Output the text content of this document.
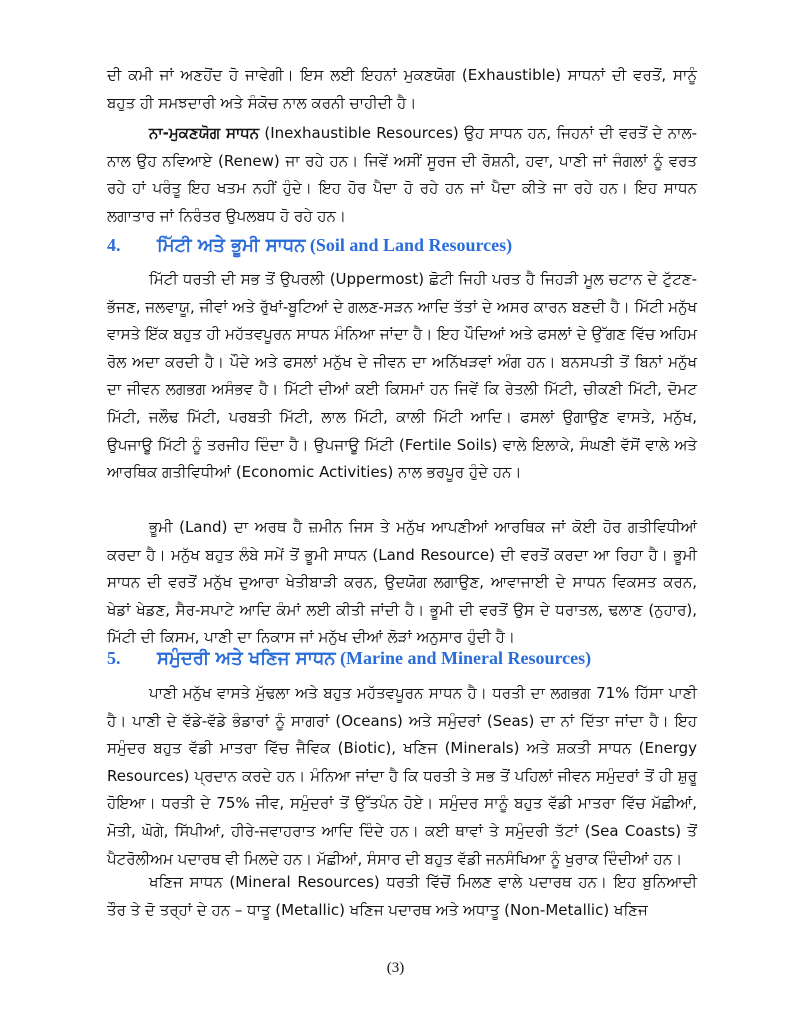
ਦੀ ਕਮੀ ਜਾਂ ਅਣਹੋਂਦ ਹੋ ਜਾਵੇਗੀ। ਇਸ ਲਈ ਇਹਨਾਂ ਮੁਕਣਯੋਗ (Exhaustible) ਸਾਧਨਾਂ ਦੀ ਵਰਤੋਂ, ਸਾਨੂੰ ਬਹੁਤ ਹੀ ਸਮਝਦਾਰੀ ਅਤੇ ਸੰਕੋਚ ਨਾਲ ਕਰਨੀ ਚਾਹੀਦੀ ਹੈ।

ਨਾ-ਮੁਕਣਯੋਗ ਸਾਧਨ (Inexhaustible Resources) ਉਹ ਸਾਧਨ ਹਨ, ਜਿਹਨਾਂ ਦੀ ਵਰਤੋਂ ਦੇ ਨਾਲ-ਨਾਲ ਉਹ ਨਵਿਆਏ (Renew) ਜਾ ਰਹੇ ਹਨ। ਜਿਵੇਂ ਅਸੀਂ ਸੂਰਜ ਦੀ ਰੋਸ਼ਨੀ, ਹਵਾ, ਪਾਣੀ ਜਾਂ ਜੰਗਲਾਂ ਨੂੰ ਵਰਤ ਰਹੇ ਹਾਂ ਪਰੰਤੂ ਇਹ ਖਤਮ ਨਹੀਂ ਹੁੰਦੇ। ਇਹ ਹੋਰ ਪੈਦਾ ਹੋ ਰਹੇ ਹਨ ਜਾਂ ਪੈਦਾ ਕੀਤੇ ਜਾ ਰਹੇ ਹਨ। ਇਹ ਸਾਧਨ ਲਗਾਤਾਰ ਜਾਂ ਨਿਰੰਤਰ ਉਪਲਬਧ ਹੋ ਰਹੇ ਹਨ।

4. ਮਿੱਟੀ ਅਤੇ ਭੂਮੀ ਸਾਧਨ (Soil and Land Resources)

ਮਿੱਟੀ ਧਰਤੀ ਦੀ ਸਭ ਤੋਂ ਉਪਰਲੀ (Uppermost) ਛੋਟੀ ਜਿਹੀ ਪਰਤ ਹੈ ਜਿਹੜੀ ਮੂਲ ਚਟਾਨ ਦੇ ਟੁੱਟਣ-ਭੱਜਣ, ਜਲਵਾਯੂ, ਜੀਵਾਂ ਅਤੇ ਰੁੱਖਾਂ-ਬੂਟਿਆਂ ਦੇ ਗਲਣ-ਸੜਨ ਆਦਿ ਤੱਤਾਂ ਦੇ ਅਸਰ ਕਾਰਨ ਬਣਦੀ ਹੈ। ਮਿੱਟੀ ਮਨੁੱਖ ਵਾਸਤੇ ਇੱਕ ਬਹੁਤ ਹੀ ਮਹੱਤਵਪੂਰਨ ਸਾਧਨ ਮੰਨਿਆ ਜਾਂਦਾ ਹੈ। ਇਹ ਪੌਦਿਆਂ ਅਤੇ ਫਸਲਾਂ ਦੇ ਉੱਗਣ ਵਿੱਚ ਅਹਿਮ ਰੋਲ ਅਦਾ ਕਰਦੀ ਹੈ। ਪੌਦੇ ਅਤੇ ਫਸਲਾਂ ਮਨੁੱਖ ਦੇ ਜੀਵਨ ਦਾ ਅਨਿੱਖੜਵਾਂ ਅੰਗ ਹਨ। ਬਨਸਪਤੀ ਤੋਂ ਬਿਨਾਂ ਮਨੁੱਖ ਦਾ ਜੀਵਨ ਲਗਭਗ ਅਸੰਭਵ ਹੈ। ਮਿੱਟੀ ਦੀਆਂ ਕਈ ਕਿਸਮਾਂ ਹਨ ਜਿਵੇਂ ਕਿ ਰੇਤਲੀ ਮਿੱਟੀ, ਚੀਕਣੀ ਮਿੱਟੀ, ਦੋਮਟ ਮਿੱਟੀ, ਜਲੌਢ ਮਿੱਟੀ, ਪਰਬਤੀ ਮਿੱਟੀ, ਲਾਲ ਮਿੱਟੀ, ਕਾਲੀ ਮਿੱਟੀ ਆਦਿ। ਫਸਲਾਂ ਉਗਾਉਣ ਵਾਸਤੇ, ਮਨੁੱਖ, ਉਪਜਾਊ ਮਿੱਟੀ ਨੂੰ ਤਰਜੀਹ ਦਿੰਦਾ ਹੈ। ਉਪਜਾਊ ਮਿੱਟੀ (Fertile Soils) ਵਾਲੇ ਇਲਾਕੇ, ਸੰਘਣੀ ਵੱਸੋਂ ਵਾਲੇ ਅਤੇ ਆਰਥਿਕ ਗਤੀਵਿਧੀਆਂ (Economic Activities) ਨਾਲ ਭਰਪੂਰ ਹੁੰਦੇ ਹਨ।

ਭੂਮੀ (Land) ਦਾ ਅਰਥ ਹੈ ਜ਼ਮੀਨ ਜਿਸ ਤੇ ਮਨੁੱਖ ਆਪਣੀਆਂ ਆਰਥਿਕ ਜਾਂ ਕੋਈ ਹੋਰ ਗਤੀਵਿਧੀਆਂ ਕਰਦਾ ਹੈ। ਮਨੁੱਖ ਬਹੁਤ ਲੰਬੇ ਸਮੇਂ ਤੋਂ ਭੂਮੀ ਸਾਧਨ (Land Resource) ਦੀ ਵਰਤੋਂ ਕਰਦਾ ਆ ਰਿਹਾ ਹੈ। ਭੂਮੀ ਸਾਧਨ ਦੀ ਵਰਤੋਂ ਮਨੁੱਖ ਦੁਆਰਾ ਖੇਤੀਬਾੜੀ ਕਰਨ, ਉਦਯੋਗ ਲਗਾਉਣ, ਆਵਾਜਾਈ ਦੇ ਸਾਧਨ ਵਿਕਸਤ ਕਰਨ, ਖੇਡਾਂ ਖੇਡਣ, ਸੈਰ-ਸਪਾਟੇ ਆਦਿ ਕੰਮਾਂ ਲਈ ਕੀਤੀ ਜਾਂਦੀ ਹੈ। ਭੂਮੀ ਦੀ ਵਰਤੋਂ ਉਸ ਦੇ ਧਰਾਤਲ, ਢਲਾਣ (ਨੁਹਾਰ), ਮਿੱਟੀ ਦੀ ਕਿਸਮ, ਪਾਣੀ ਦਾ ਨਿਕਾਸ ਜਾਂ ਮਨੁੱਖ ਦੀਆਂ ਲੋੜਾਂ ਅਨੁਸਾਰ ਹੁੰਦੀ ਹੈ।

5. ਸਮੁੰਦਰੀ ਅਤੇ ਖਣਿਜ ਸਾਧਨ (Marine and Mineral Resources)

ਪਾਣੀ ਮਨੁੱਖ ਵਾਸਤੇ ਮੁੱਢਲਾ ਅਤੇ ਬਹੁਤ ਮਹੱਤਵਪੂਰਨ ਸਾਧਨ ਹੈ। ਧਰਤੀ ਦਾ ਲਗਭਗ 71% ਹਿੱਸਾ ਪਾਣੀ ਹੈ। ਪਾਣੀ ਦੇ ਵੱਡੇ-ਵੱਡੇ ਭੰਡਾਰਾਂ ਨੂੰ ਸਾਗਰਾਂ (Oceans) ਅਤੇ ਸਮੁੰਦਰਾਂ (Seas) ਦਾ ਨਾਂ ਦਿੱਤਾ ਜਾਂਦਾ ਹੈ। ਇਹ ਸਮੁੰਦਰ ਬਹੁਤ ਵੱਡੀ ਮਾਤਰਾ ਵਿੱਚ ਜੈਵਿਕ (Biotic), ਖਣਿਜ (Minerals) ਅਤੇ ਸ਼ਕਤੀ ਸਾਧਨ (Energy Resources) ਪ੍ਰਦਾਨ ਕਰਦੇ ਹਨ। ਮੰਨਿਆ ਜਾਂਦਾ ਹੈ ਕਿ ਧਰਤੀ ਤੇ ਸਭ ਤੋਂ ਪਹਿਲਾਂ ਜੀਵਨ ਸਮੁੰਦਰਾਂ ਤੋਂ ਹੀ ਸ਼ੁਰੂ ਹੋਇਆ। ਧਰਤੀ ਦੇ 75% ਜੀਵ, ਸਮੁੰਦਰਾਂ ਤੋਂ ਉੱਤਪੰਨ ਹੋਏ। ਸਮੁੰਦਰ ਸਾਨੂੰ ਬਹੁਤ ਵੱਡੀ ਮਾਤਰਾ ਵਿੱਚ ਮੱਛੀਆਂ, ਮੋਤੀ, ਘੋਗੇ, ਸਿੱਪੀਆਂ, ਹੀਰੇ-ਜਵਾਹਰਾਤ ਆਦਿ ਦਿੰਦੇ ਹਨ। ਕਈ ਥਾਵਾਂ ਤੇ ਸਮੁੰਦਰੀ ਤੱਟਾਂ (Sea Coasts) ਤੋਂ ਪੈਟਰੋਲੀਅਮ ਪਦਾਰਥ ਵੀ ਮਿਲਦੇ ਹਨ। ਮੱਛੀਆਂ, ਸੰਸਾਰ ਦੀ ਬਹੁਤ ਵੱਡੀ ਜਨਸੰਖਿਆ ਨੂੰ ਖੁਰਾਕ ਦਿੰਦੀਆਂ ਹਨ।

ਖਣਿਜ ਸਾਧਨ (Mineral Resources) ਧਰਤੀ ਵਿੱਚੋਂ ਮਿਲਣ ਵਾਲੇ ਪਦਾਰਥ ਹਨ। ਇਹ ਬੁਨਿਆਦੀ ਤੌਰ ਤੇ ਦੋ ਤਰ੍ਹਾਂ ਦੇ ਹਨ – ਧਾਤੂ (Metallic) ਖਣਿਜ ਪਦਾਰਥ ਅਤੇ ਅਧਾਤੂ (Non-Metallic) ਖਣਿਜ

(3)
